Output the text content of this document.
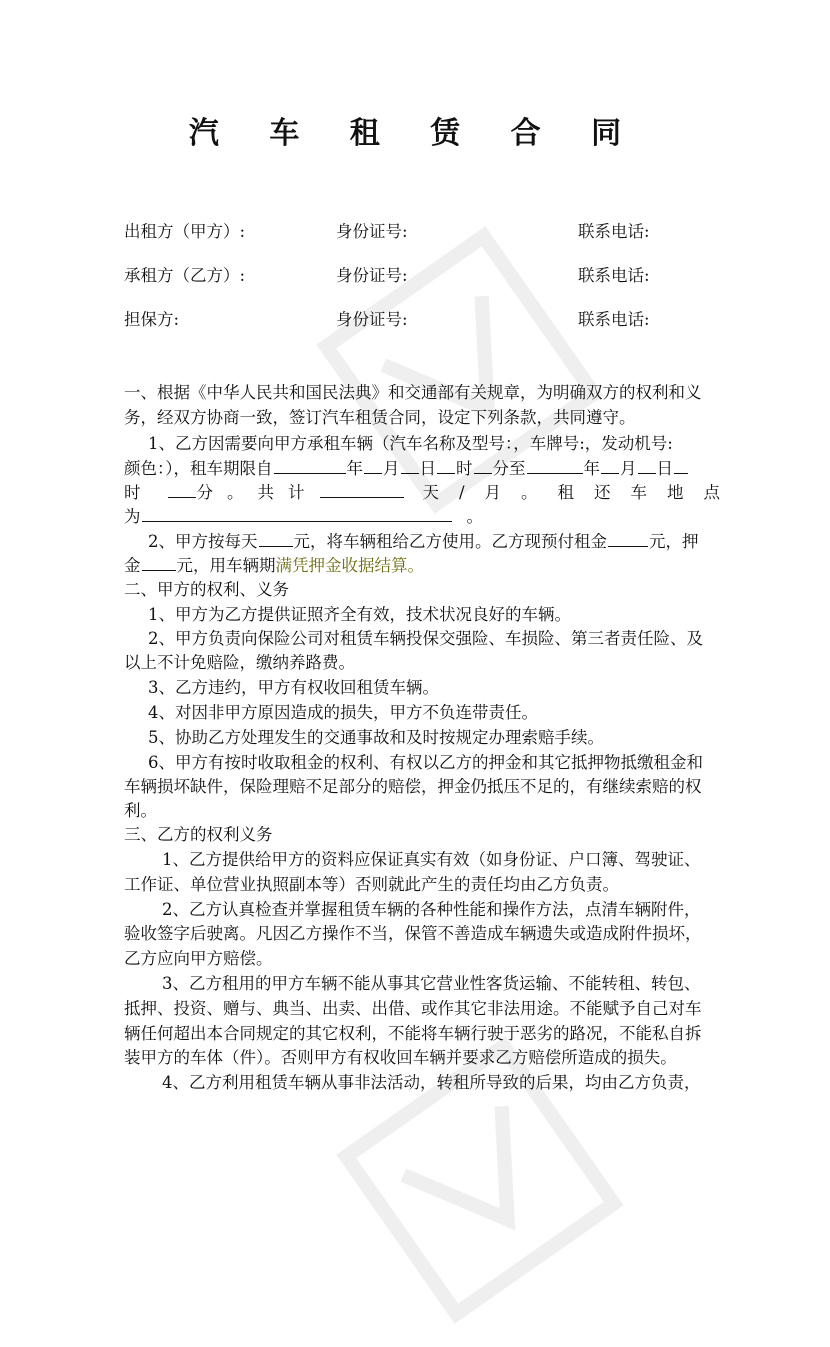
汽 车 租 赁 合 同
出租方（甲方）:	身份证号:	联系电话:
承租方（乙方）:	身份证号:	联系电话:
担保方:	身份证号:	联系电话:
一、根据《中华人民共和国民法典》和交通部有关规章，为明确双方的权利和义
务，经双方协商一致，签订汽车租赁合同，设定下列条款，共同遵守。
1、乙方因需要向甲方承租车辆（汽车名称及型号：，车牌号:，发动机号:
颜色：），租车期限自	年 月 日 时 分至	年 月 日
时	分。共计	天/月。租还车地点
为	。
2、甲方按每天 元，将车辆租给乙方使用。乙方现预付租金	元，押
金 元，用车辆期满凭押金收据结算。
二、甲方的权利、义务
1、甲方为乙方提供证照齐全有效，技术状况良好的车辆。
2、甲方负责向保险公司对租赁车辆投保交强险、车损险、第三者责任险、及
以上不计免赔险，缴纳养路费。
3、乙方违约，甲方有权收回租赁车辆。
4、对因非甲方原因造成的损失，甲方不负连带责任。
5、协助乙方处理发生的交通事故和及时按规定办理索赔手续。
6、甲方有按时收取租金的权利、有权以乙方的押金和其它抵押物抵缴租金和
车辆损坏缺件，保险理赔不足部分的赔偿，押金仍抵压不足的，有继续索赔的权
利。
三、乙方的权利义务
1、乙方提供给甲方的资料应保证真实有效（如身份证、户口簿、驾驶证、
工作证、单位营业执照副本等）否则就此产生的责任均由乙方负责。
2、乙方认真检查并掌握租赁车辆的各种性能和操作方法，点清车辆附件，
验收签字后驶离。凡因乙方操作不当，保管不善造成车辆遗失或造成附件损坏，
乙方应向甲方赔偿。
3、乙方租用的甲方车辆不能从事其它营业性客货运输、不能转租、转包、
抵押、投资、赠与、典当、出卖、出借、或作其它非法用途。不能赋予自己对车
辆任何超出本合同规定的其它权利，不能将车辆行驶于恶劣的路况，不能私自拆
装甲方的车体（件）。否则甲方有权收回车辆并要求乙方赔偿所造成的损失。
4、乙方利用租赁车辆从事非法活动，转租所导致的后果，均由乙方负责，
